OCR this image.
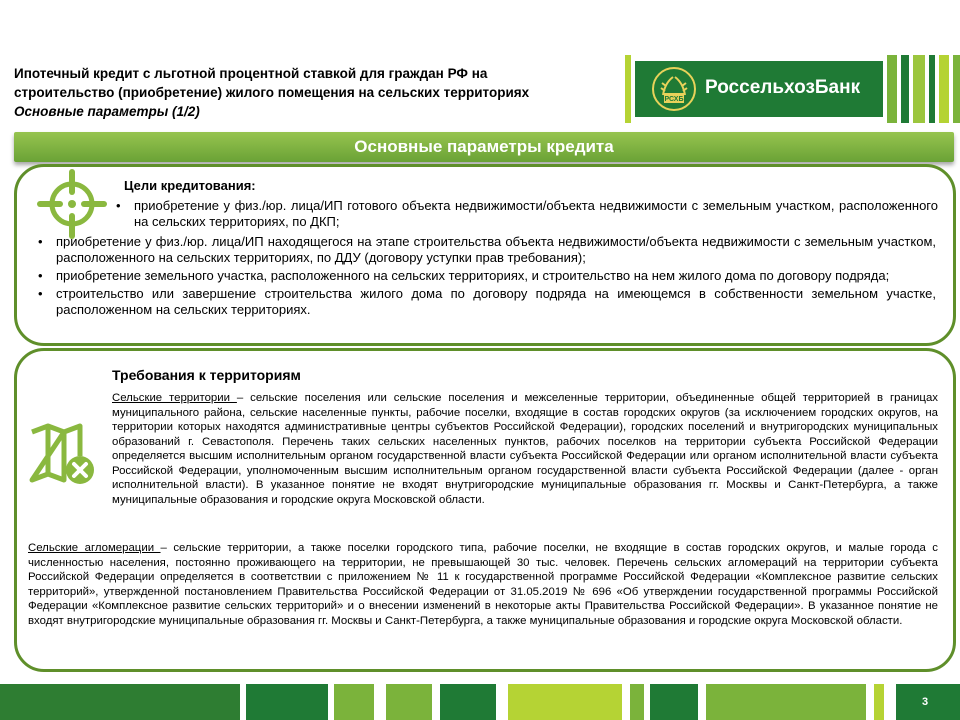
Ипотечный кредит с льготной процентной ставкой для граждан РФ на
строительство (приобретение) жилого помещения на сельских территориях
Основные параметры (1/2)
РСХБ
РоссельхозБанк
Основные параметры кредита
Цели кредитования:
• приобретение у физ./юр. лица/ИП готового объекта недвижимости/объекта недвижимости с земельным участком, расположенного на сельских территориях, по ДКП;
• приобретение у физ./юр. лица/ИП находящегося на этапе строительства объекта недвижимости/объекта недвижимости с земельным участком, расположенного на сельских территориях, по ДДУ (договору уступки прав требования);
• приобретение земельного участка, расположенного на сельских территориях, и строительство на нем жилого дома по договору подряда;
• строительство или завершение строительства жилого дома по договору подряда на имеющемся в собственности земельном участке, расположенном на сельских территориях.
Требования к территориям
Сельские территории – сельские поселения или сельские поселения и межселенные территории, объединенные общей территорией в границах муниципального района, сельские населенные пункты, рабочие поселки, входящие в состав городских округов (за исключением городских округов, на территории которых находятся административные центры субъектов Российской Федерации), городских поселений и внутригородских муниципальных образований г. Севастополя. Перечень таких сельских населенных пунктов, рабочих поселков на территории субъекта Российской Федерации определяется высшим исполнительным органом государственной власти субъекта Российской Федерации или органом исполнительной власти субъекта Российской Федерации, уполномоченным высшим исполнительным органом государственной власти субъекта Российской Федерации (далее - орган исполнительной власти). В указанное понятие не входят внутригородские муниципальные образования гг. Москвы и Санкт-Петербурга, а также муниципальные образования и городские округа Московской области.
Сельские агломерации – сельские территории, а также поселки городского типа, рабочие поселки, не входящие в состав городских округов, и малые города с численностью населения, постоянно проживающего на территории, не превышающей 30 тыс. человек. Перечень сельских агломераций на территории субъекта Российской Федерации определяется в соответствии с приложением № 11 к государственной программе Российской Федерации «Комплексное развитие сельских территорий», утвержденной постановлением Правительства Российской Федерации от 31.05.2019 № 696 «Об утверждении государственной программы Российской Федерации «Комплексное развитие сельских территорий» и о внесении изменений в некоторые акты Правительства Российской Федерации». В указанное понятие не входят внутригородские муниципальные образования гг. Москвы и Санкт-Петербурга, а также муниципальные образования и городские округа Московской области.
3
